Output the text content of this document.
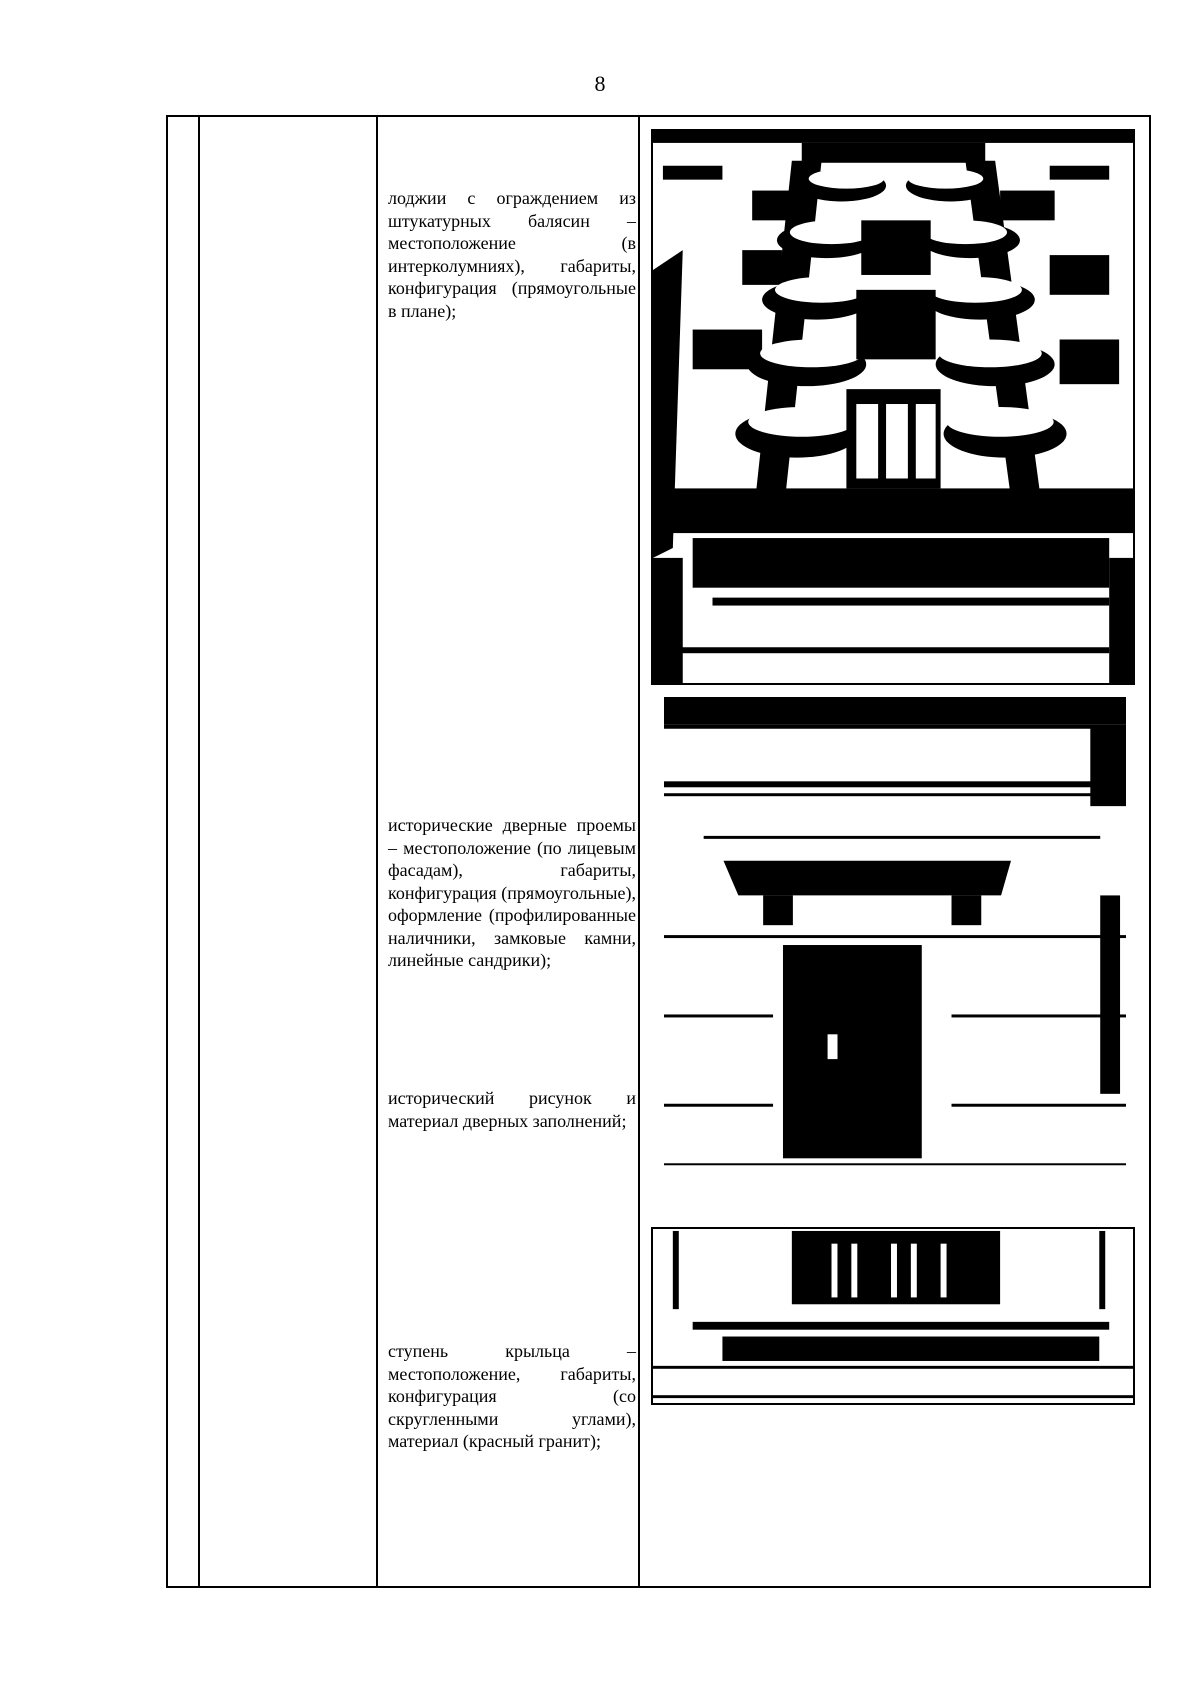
8
лоджии с ограждением из штукатурных балясин – местоположение (в интерколумниях), габариты, конфигурация (прямоугольные в плане);
исторические дверные проемы – местоположение (по лицевым фасадам), габариты, конфигурация (прямоугольные), оформление (профилированные наличники, замковые камни, линейные сандрики);
исторический рисунок и материал дверных заполнений;
ступень крыльца – местоположение, габариты, конфигурация (со скругленными углами), материал (красный гранит);
